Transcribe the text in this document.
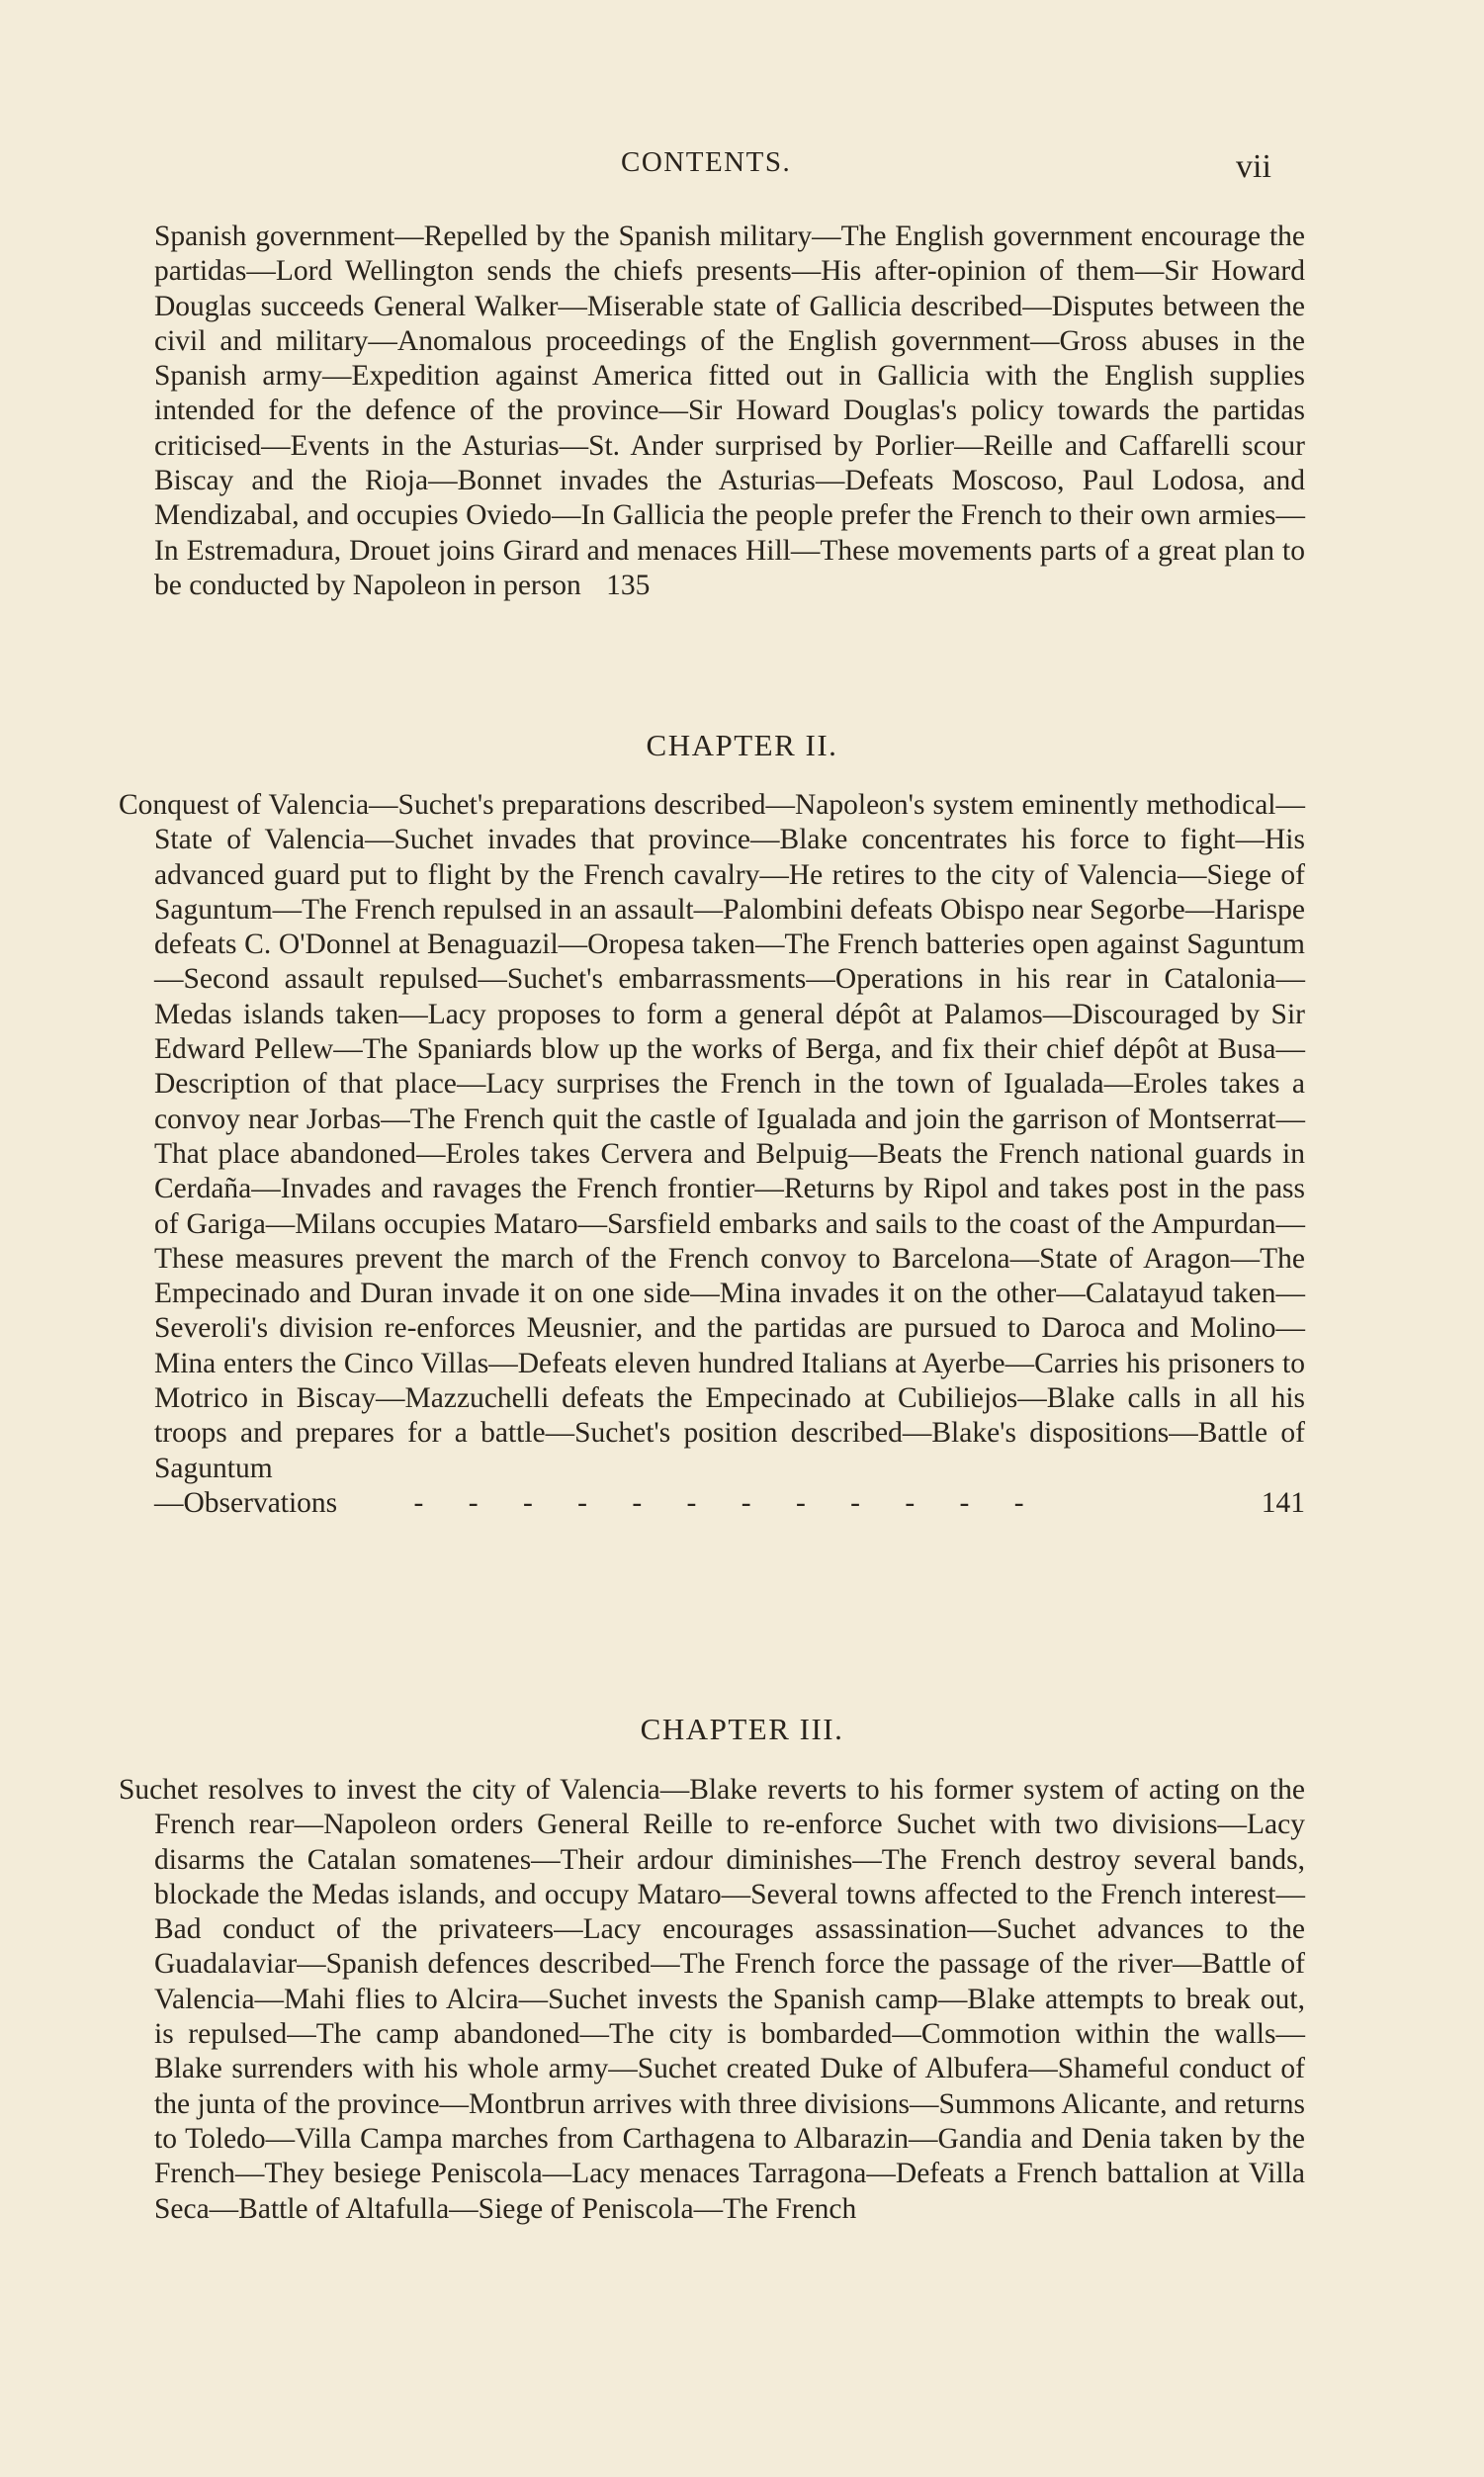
CONTENTS.	vii
Spanish government—Repelled by the Spanish military—The English government encourage the partidas—Lord Wellington sends the chiefs presents—His after-opinion of them—Sir Howard Douglas succeeds General Walker—Miserable state of Gallicia described—Disputes between the civil and military—Anomalous proceedings of the English government—Gross abuses in the Spanish army—Expedition against America fitted out in Gallicia with the English supplies intended for the defence of the province—Sir Howard Douglas's policy towards the partidas criticised—Events in the Asturias—St. Ander surprised by Porlier—Reille and Caffarelli scour Biscay and the Rioja—Bonnet invades the Asturias—Defeats Moscoso, Paul Lodosa, and Mendizabal, and occupies Oviedo—In Gallicia the people prefer the French to their own armies—In Estremadura, Drouet joins Girard and menaces Hill—These movements parts of a great plan to be conducted by Napoleon in person 135
CHAPTER II.
Conquest of Valencia—Suchet's preparations described—Napoleon's system eminently methodical—State of Valencia—Suchet invades that province—Blake concentrates his force to fight—His advanced guard put to flight by the French cavalry—He retires to the city of Valencia—Siege of Saguntum—The French repulsed in an assault—Palombini defeats Obispo near Segorbe—Harispe defeats C. O'Donnel at Benaguazil—Oropesa taken—The French batteries open against Saguntum—Second assault repulsed—Suchet's embarrassments—Operations in his rear in Catalonia—Medas islands taken—Lacy proposes to form a general dépôt at Palamos—Discouraged by Sir Edward Pellew—The Spaniards blow up the works of Berga, and fix their chief dépôt at Busa—Description of that place—Lacy surprises the French in the town of Igualada—Eroles takes a convoy near Jorbas—The French quit the castle of Igualada and join the garrison of Montserrat—That place abandoned—Eroles takes Cervera and Belpuig—Beats the French national guards in Cerdaña—Invades and ravages the French frontier—Returns by Ripol and takes post in the pass of Gariga—Milans occupies Mataro—Sarsfield embarks and sails to the coast of the Ampurdan—These measures prevent the march of the French convoy to Barcelona—State of Aragon—The Empecinado and Duran invade it on one side—Mina invades it on the other—Calatayud taken—Severoli's division re-enforces Meusnier, and the partidas are pursued to Daroca and Molino—Mina enters the Cinco Villas—Defeats eleven hundred Italians at Ayerbe—Carries his prisoners to Motrico in Biscay—Mazzuchelli defeats the Empecinado at Cubiliejos—Blake calls in all his troops and prepares for a battle—Suchet's position described—Blake's dispositions—Battle of Saguntum
—Observations	- - - - - - - - - - - -	141
CHAPTER III.
Suchet resolves to invest the city of Valencia—Blake reverts to his former system of acting on the French rear—Napoleon orders General Reille to re-enforce Suchet with two divisions—Lacy disarms the Catalan somatenes—Their ardour diminishes—The French destroy several bands, blockade the Medas islands, and occupy Mataro—Several towns affected to the French interest—Bad conduct of the privateers—Lacy encourages assassination—Suchet advances to the Guadalaviar—Spanish defences described—The French force the passage of the river—Battle of Valencia—Mahi flies to Alcira—Suchet invests the Spanish camp—Blake attempts to break out, is repulsed—The camp abandoned—The city is bombarded—Commotion within the walls—Blake surrenders with his whole army—Suchet created Duke of Albufera—Shameful conduct of the junta of the province—Montbrun arrives with three divisions—Summons Alicante, and returns to Toledo—Villa Campa marches from Carthagena to Albarazin—Gandia and Denia taken by the French—They besiege Peniscola—Lacy menaces Tarragona—Defeats a French battalion at Villa Seca—Battle of Altafulla—Siege of Peniscola—The French
